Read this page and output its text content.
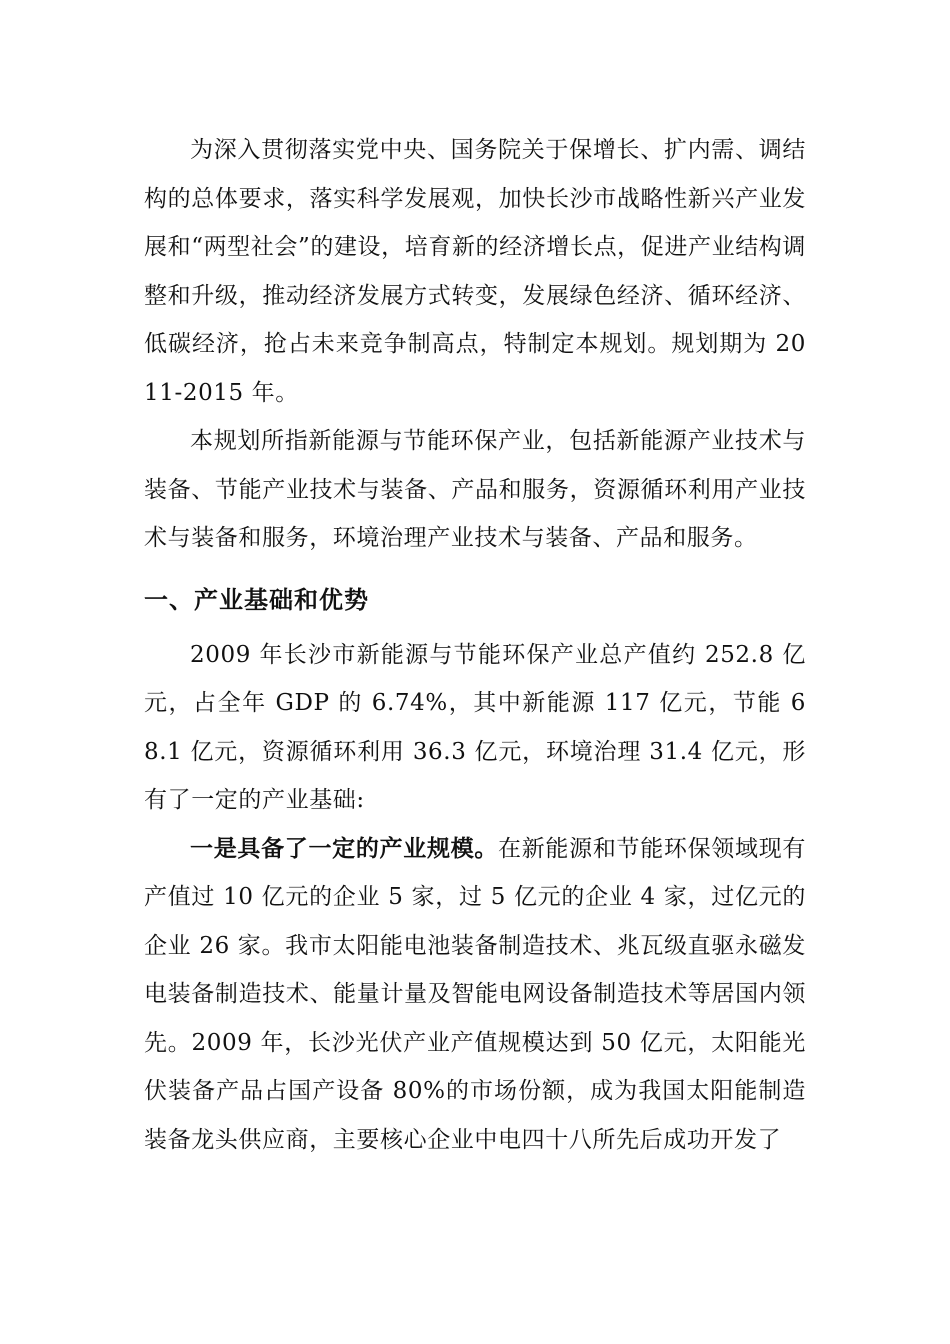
为深入贯彻落实党中央、国务院关于保增长、扩内需、调结构的总体要求，落实科学发展观，加快长沙市战略性新兴产业发展和“两型社会”的建设，培育新的经济增长点，促进产业结构调整和升级，推动经济发展方式转变，发展绿色经济、循环经济、低碳经济，抢占未来竞争制高点，特制定本规划。规划期为 2011-2015 年。

本规划所指新能源与节能环保产业，包括新能源产业技术与装备、节能产业技术与装备、产品和服务，资源循环利用产业技术与装备和服务，环境治理产业技术与装备、产品和服务。

一、产业基础和优势

2009 年长沙市新能源与节能环保产业总产值约 252.8 亿元，占全年 GDP 的 6.74%，其中新能源 117 亿元，节能 68.1 亿元，资源循环利用 36.3 亿元，环境治理 31.4 亿元，形有了一定的产业基础:

一是具备了一定的产业规模。在新能源和节能环保领域现有产值过 10 亿元的企业 5 家，过 5 亿元的企业 4 家，过亿元的企业 26 家。我市太阳能电池装备制造技术、兆瓦级直驱永磁发电装备制造技术、能量计量及智能电网设备制造技术等居国内领先。2009 年，长沙光伏产业产值规模达到 50 亿元，太阳能光伏装备产品占国产设备 80%的市场份额，成为我国太阳能制造装备龙头供应商，主要核心企业中电四十八所先后成功开发了
